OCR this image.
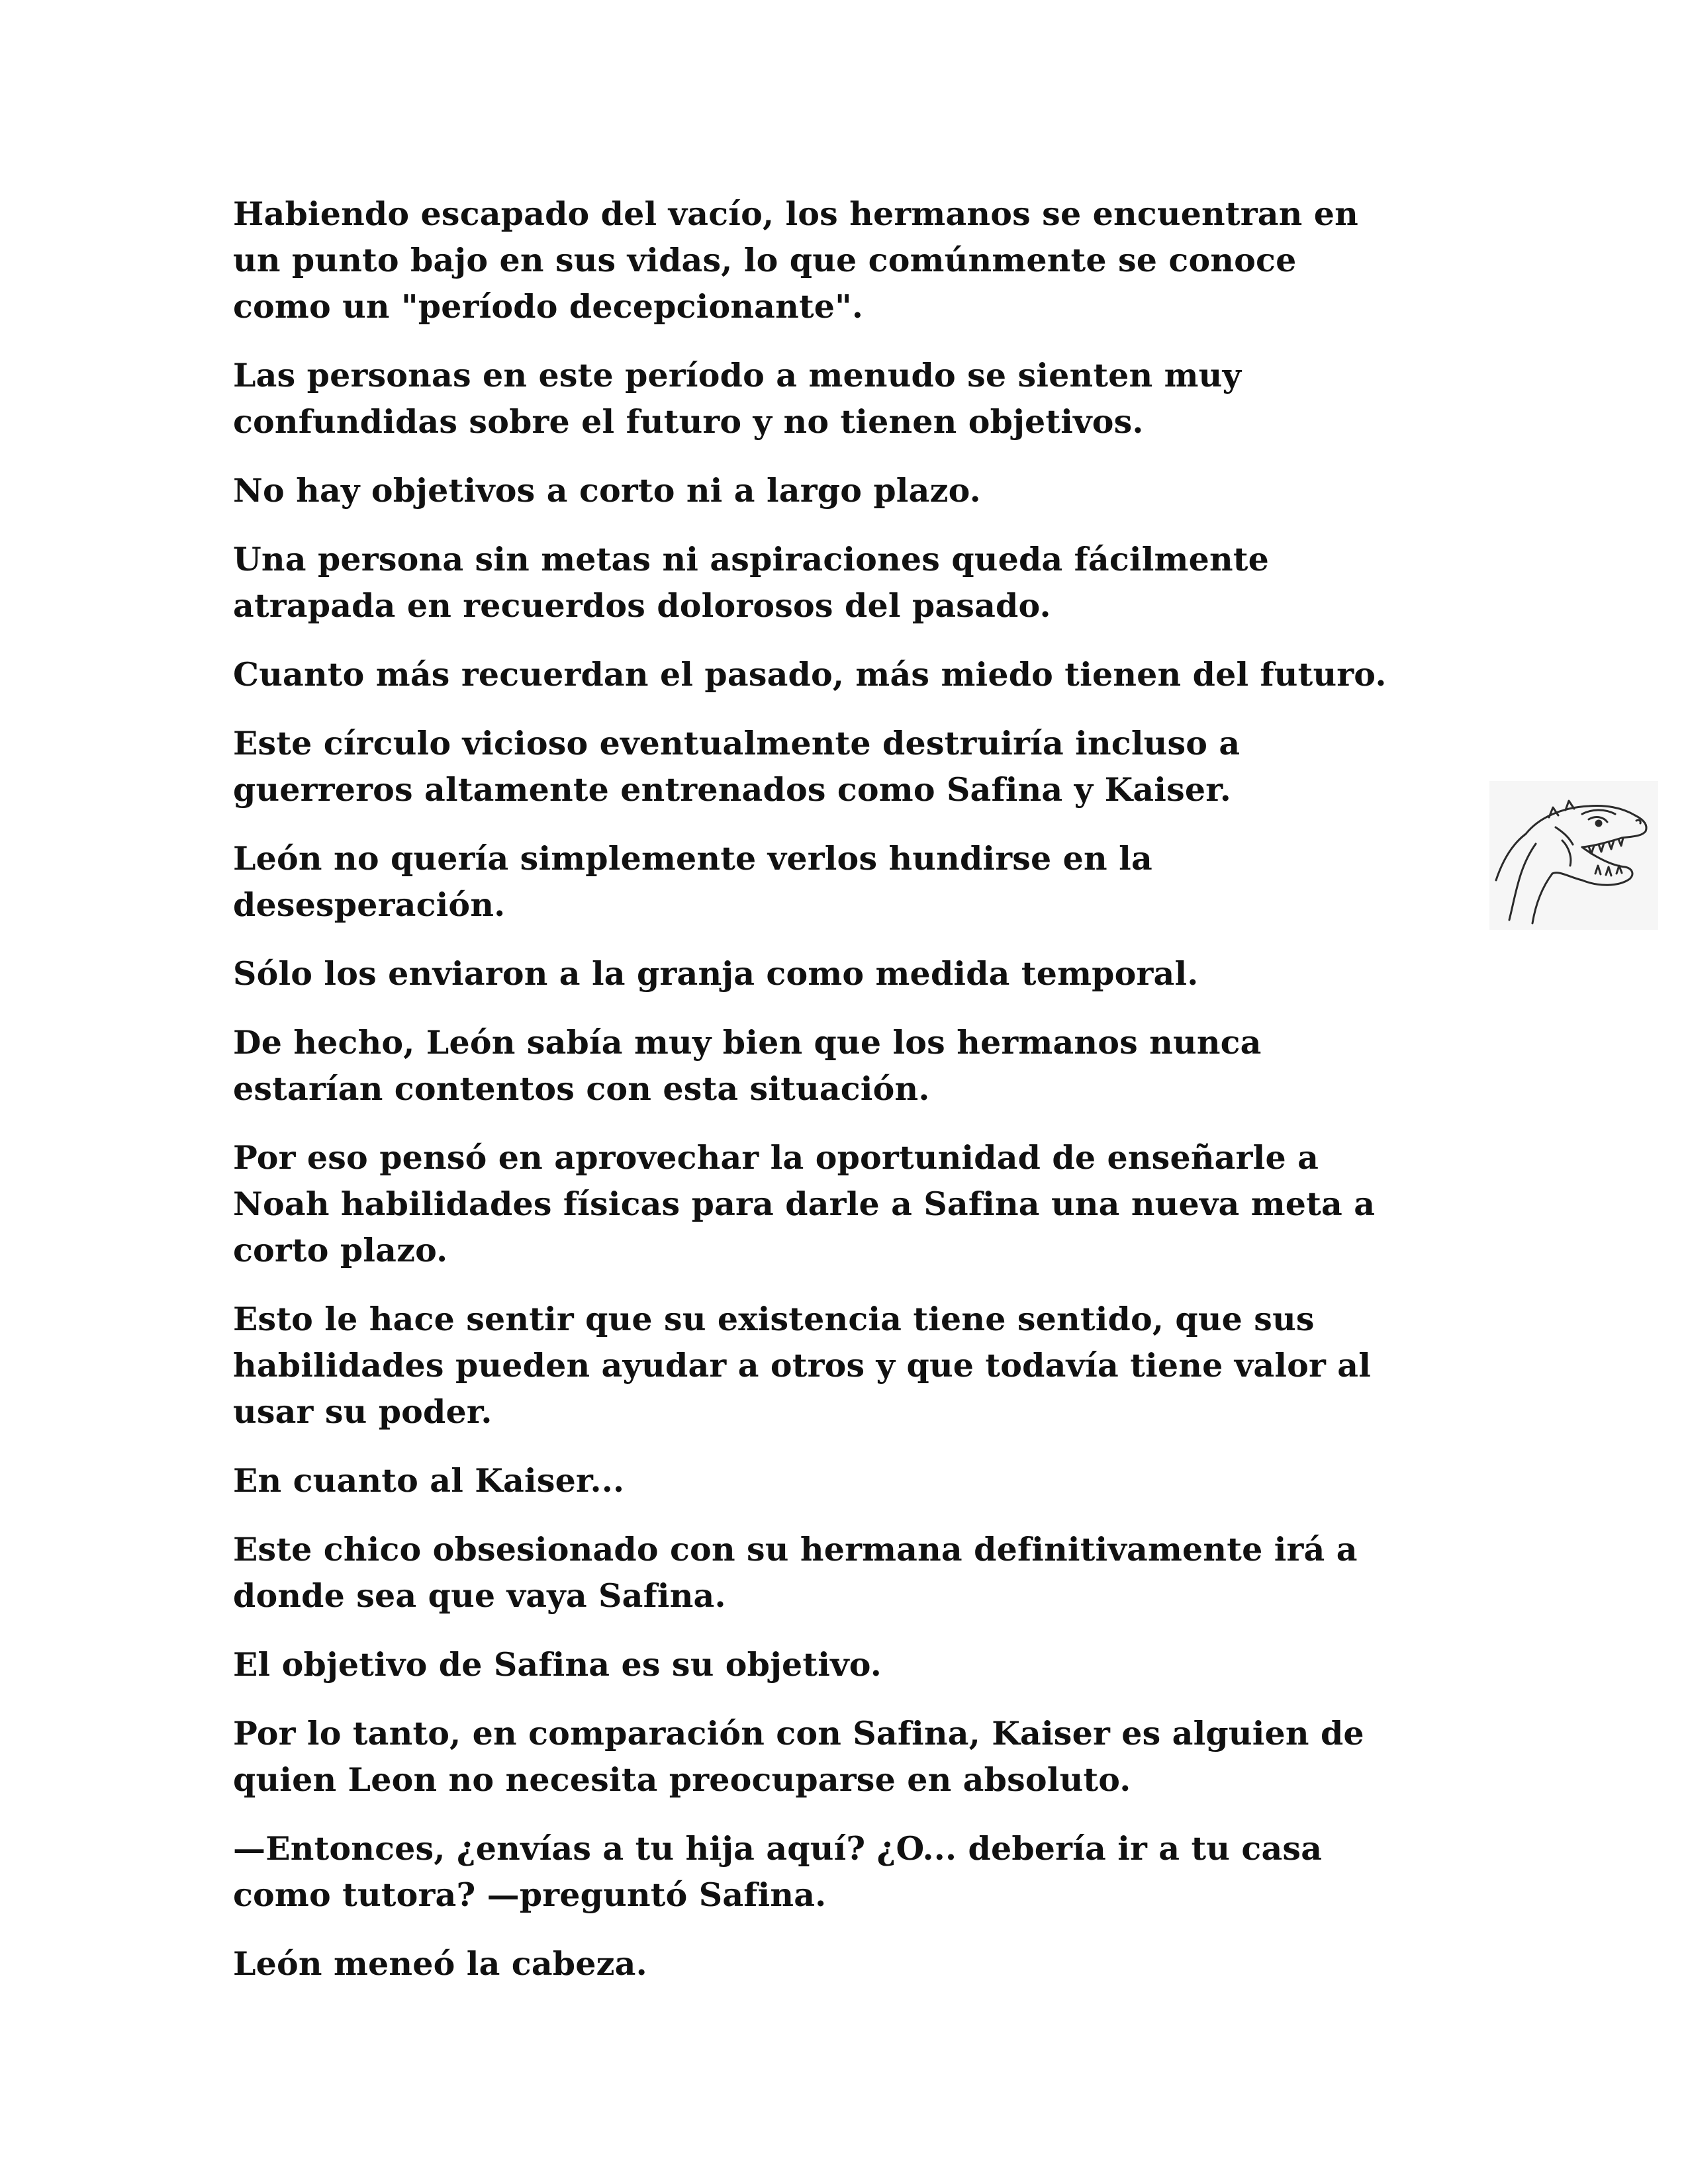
Habiendo escapado del vacío, los hermanos se encuentran en
un punto bajo en sus vidas, lo que comúnmente se conoce
como un "período decepcionante".

Las personas en este período a menudo se sienten muy
confundidas sobre el futuro y no tienen objetivos.

No hay objetivos a corto ni a largo plazo.

Una persona sin metas ni aspiraciones queda fácilmente
atrapada en recuerdos dolorosos del pasado.

Cuanto más recuerdan el pasado, más miedo tienen del futuro.

Este círculo vicioso eventualmente destruiría incluso a
guerreros altamente entrenados como Safina y Kaiser.

León no quería simplemente verlos hundirse en la
desesperación.

Sólo los enviaron a la granja como medida temporal.

De hecho, León sabía muy bien que los hermanos nunca
estarían contentos con esta situación.

Por eso pensó en aprovechar la oportunidad de enseñarle a
Noah habilidades físicas para darle a Safina una nueva meta a
corto plazo.

Esto le hace sentir que su existencia tiene sentido, que sus
habilidades pueden ayudar a otros y que todavía tiene valor al
usar su poder.

En cuanto al Kaiser...

Este chico obsesionado con su hermana definitivamente irá a
donde sea que vaya Safina.

El objetivo de Safina es su objetivo.

Por lo tanto, en comparación con Safina, Kaiser es alguien de
quien Leon no necesita preocuparse en absoluto.

—Entonces, ¿envías a tu hija aquí? ¿O... debería ir a tu casa
como tutora? —preguntó Safina.

León meneó la cabeza.
